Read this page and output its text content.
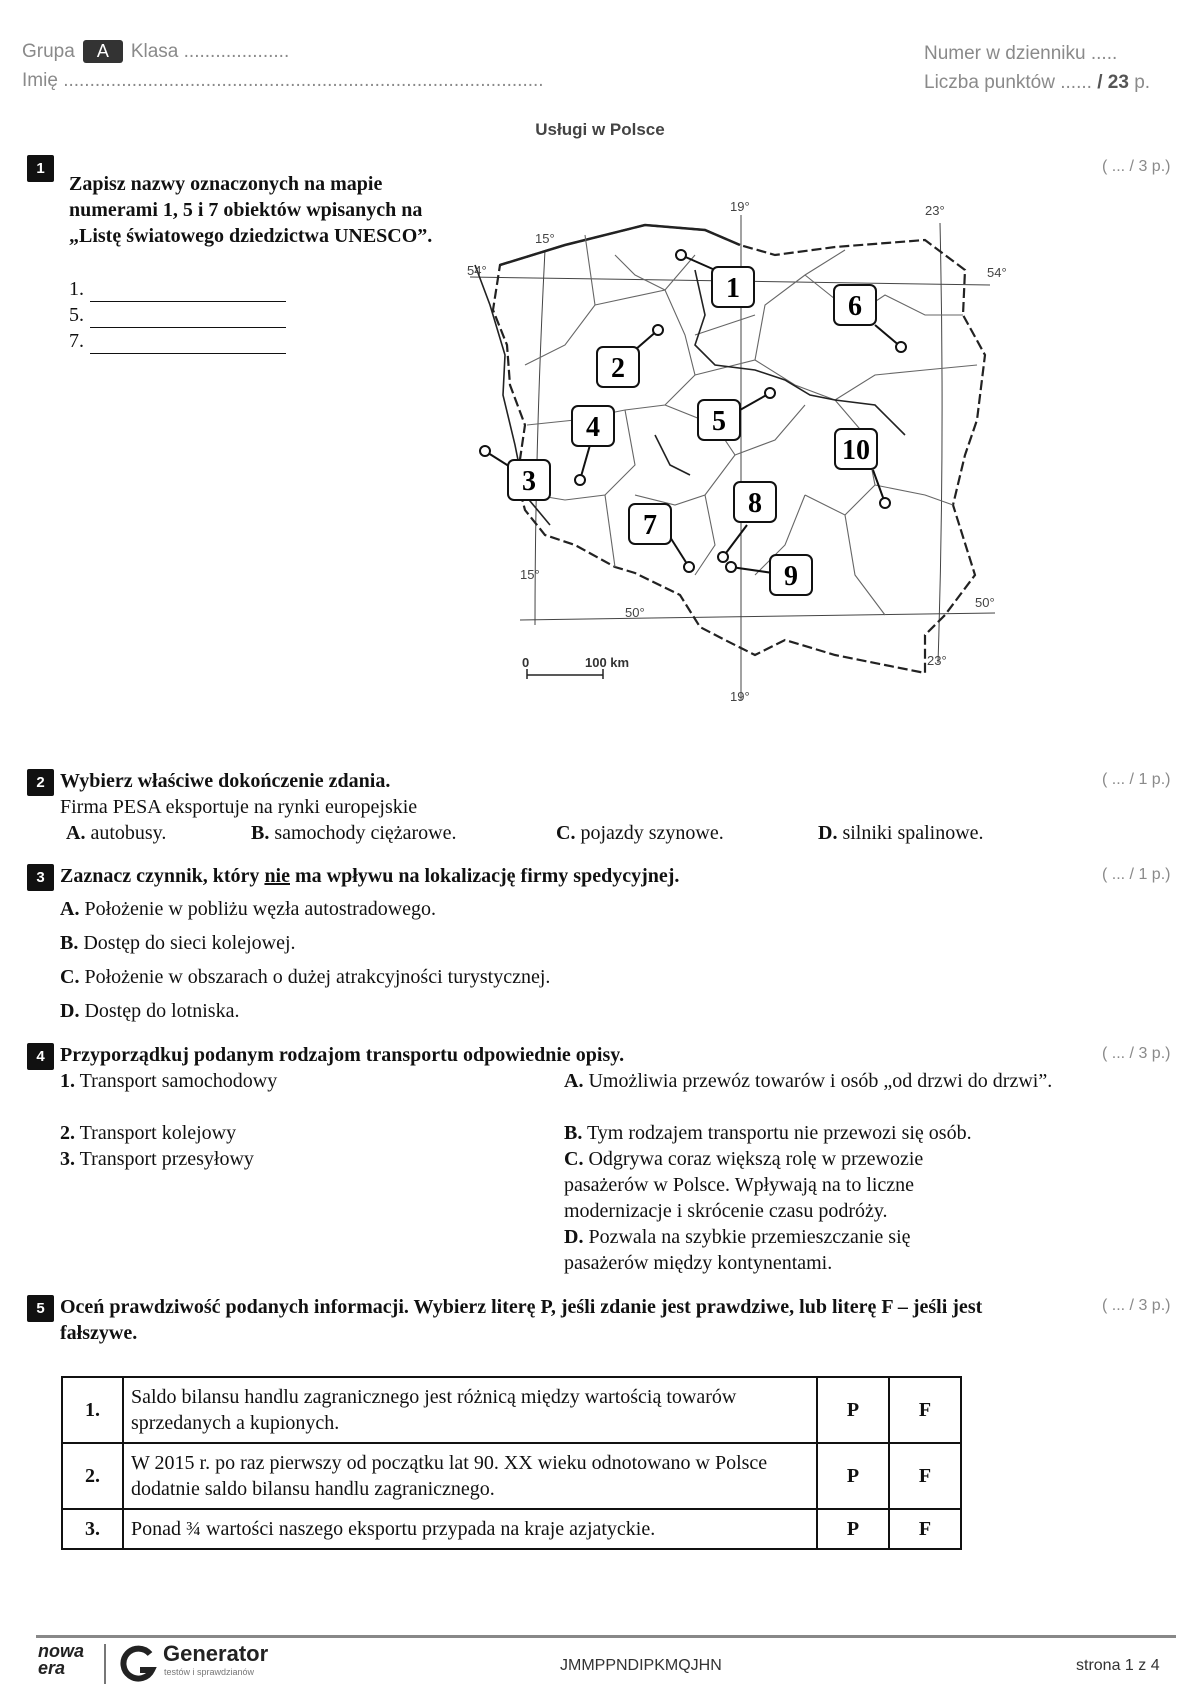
Grupa A Klasa ....................
Imię ...........................................................................................
Numer w dzienniku .....
Liczba punktów ...... / 23 p.
Usługi w Polsce
1	( ... / 3 p.)
Zapisz nazwy oznaczonych na mapie numerami 1, 5 i 7 obiektów wpisanych na „Listę światowego dziedzictwa UNESCO”.
1.
5.
7.
1
6
2
5
4
10
3
8
7
9
19°	23°
15°
54°	54°
15°
50°
50°
23°
19°
0	100 km
2	( ... / 1 p.)
Wybierz właściwe dokończenie zdania.
Firma PESA eksportuje na rynki europejskie
A. autobusy.	B. samochody ciężarowe.	C. pojazdy szynowe.	D. silniki spalinowe.
3	( ... / 1 p.)
Zaznacz czynnik, który nie ma wpływu na lokalizację firmy spedycyjnej.
A. Położenie w pobliżu węzła autostradowego.
B. Dostęp do sieci kolejowej.
C. Położenie w obszarach o dużej atrakcyjności turystycznej.
D. Dostęp do lotniska.
4	( ... / 3 p.)
Przyporządkuj podanym rodzajom transportu odpowiednie opisy.
1. Transport samochodowy
2. Transport kolejowy
3. Transport przesyłowy
A. Umożliwia przewóz towarów i osób „od drzwi do drzwi”.
B. Tym rodzajem transportu nie przewozi się osób.
C. Odgrywa coraz większą rolę w przewozie pasażerów w Polsce. Wpływają na to liczne modernizacje i skrócenie czasu podróży.
D. Pozwala na szybkie przemieszczanie się pasażerów między kontynentami.
5	( ... / 3 p.)
Oceń prawdziwość podanych informacji. Wybierz literę P, jeśli zdanie jest prawdziwe, lub literę F – jeśli jest fałszywe.
1.	Saldo bilansu handlu zagranicznego jest różnicą między wartością towarów sprzedanych a kupionych.	P	F
2.	W 2015 r. po raz pierwszy od początku lat 90. XX wieku odnotowano w Polsce dodatnie saldo bilansu handlu zagranicznego.	P	F
3.	Ponad ¾ wartości naszego eksportu przypada na kraje azjatyckie.	P	F
nowa era
Generator
testów i sprawdzianów	JMMPPNDIPKMQJHN	strona 1 z 4
